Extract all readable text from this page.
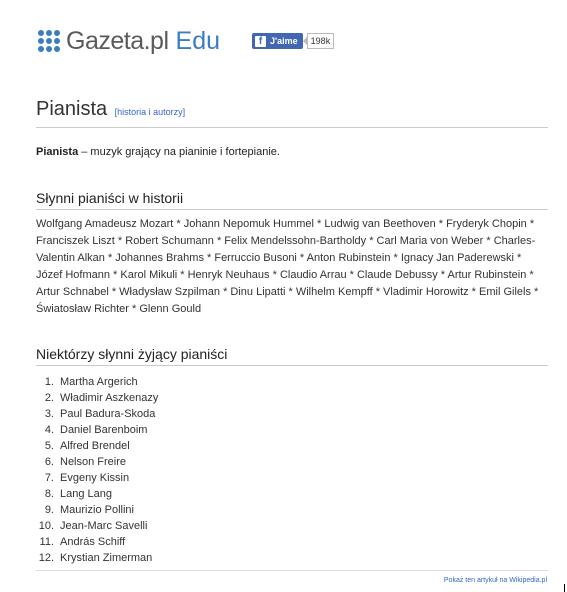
Gazeta.pl Edu	f J'aime	198k
Pianista [historia i autorzy]
Pianista – muzyk grający na pianinie i fortepianie.
Słynni pianiści w historii
Wolfgang Amadeusz Mozart * Johann Nepomuk Hummel * Ludwig van Beethoven * Fryderyk Chopin * Franciszek Liszt * Robert Schumann * Felix Mendelssohn-Bartholdy * Carl Maria von Weber * Charles-Valentin Alkan * Johannes Brahms * Ferruccio Busoni * Anton Rubinstein * Ignacy Jan Paderewski * Józef Hofmann * Karol Mikuli * Henryk Neuhaus * Claudio Arrau * Claude Debussy * Artur Rubinstein * Artur Schnabel * Władysław Szpilman * Dinu Lipatti * Wilhelm Kempff * Vladimir Horowitz * Emil Gilels * Światosław Richter * Glenn Gould
Niektórzy słynni żyjący pianiści
1. Martha Argerich
2. Władimir Aszkenazy
3. Paul Badura-Skoda
4. Daniel Barenboim
5. Alfred Brendel
6. Nelson Freire
7. Evgeny Kissin
8. Lang Lang
9. Maurizio Pollini
10. Jean-Marc Savelli
11. András Schiff
12. Krystian Zimerman
Pokaż ten artykuł na Wikipedia.pl
